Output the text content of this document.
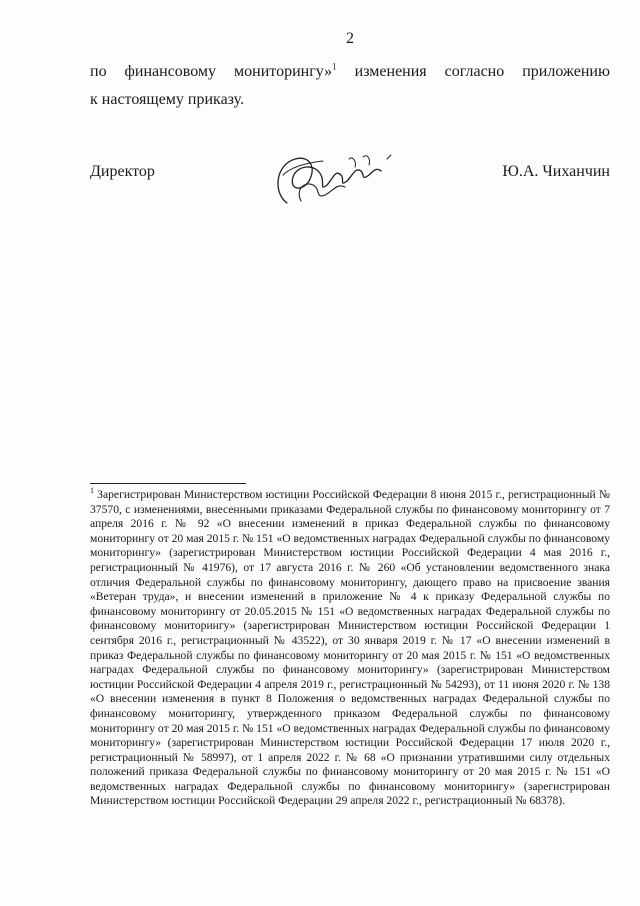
2
по финансовому мониторингу»$^1$ изменения согласно приложению
к настоящему приказу.
Директор	Ю.А. Чиханчин
$^1$ Зарегистрирован Министерством юстиции Российской Федерации 8 июня 2015 г., регистрационный № 37570, с изменениями, внесенными приказами Федеральной службы по финансовому мониторингу от 7 апреля 2016 г. № 92 «О внесении изменений в приказ Федеральной службы по финансовому мониторингу от 20 мая 2015 г. № 151 «О ведомственных наградах Федеральной службы по финансовому мониторингу» (зарегистрирован Министерством юстиции Российской Федерации 4 мая 2016 г., регистрационный № 41976), от 17 августа 2016 г. № 260 «Об установлении ведомственного знака отличия Федеральной службы по финансовому мониторингу, дающего право на присвоение звания «Ветеран труда», и внесении изменений в приложение № 4 к приказу Федеральной службы по финансовому мониторингу от 20.05.2015 № 151 «О ведомственных наградах Федеральной службы по финансовому мониторингу» (зарегистрирован Министерством юстиции Российской Федерации 1 сентября 2016 г., регистрационный № 43522), от 30 января 2019 г. № 17 «О внесении изменений в приказ Федеральной службы по финансовому мониторингу от 20 мая 2015 г. № 151 «О ведомственных наградах Федеральной службы по финансовому мониторингу» (зарегистрирован Министерством юстиции Российской Федерации 4 апреля 2019 г., регистрационный № 54293), от 11 июня 2020 г. № 138 «О внесении изменения в пункт 8 Положения о ведомственных наградах Федеральной службы по финансовому мониторингу, утвержденного приказом Федеральной службы по финансовому мониторингу от 20 мая 2015 г. № 151 «О ведомственных наградах Федеральной службы по финансовому мониторингу» (зарегистрирован Министерством юстиции Российской Федерации 17 июля 2020 г., регистрационный № 58997), от 1 апреля 2022 г. № 68 «О признании утратившими силу отдельных положений приказа Федеральной службы по финансовому мониторингу от 20 мая 2015 г. № 151 «О ведомственных наградах Федеральной службы по финансовому мониторингу» (зарегистрирован Министерством юстиции Российской Федерации 29 апреля 2022 г., регистрационный № 68378).
